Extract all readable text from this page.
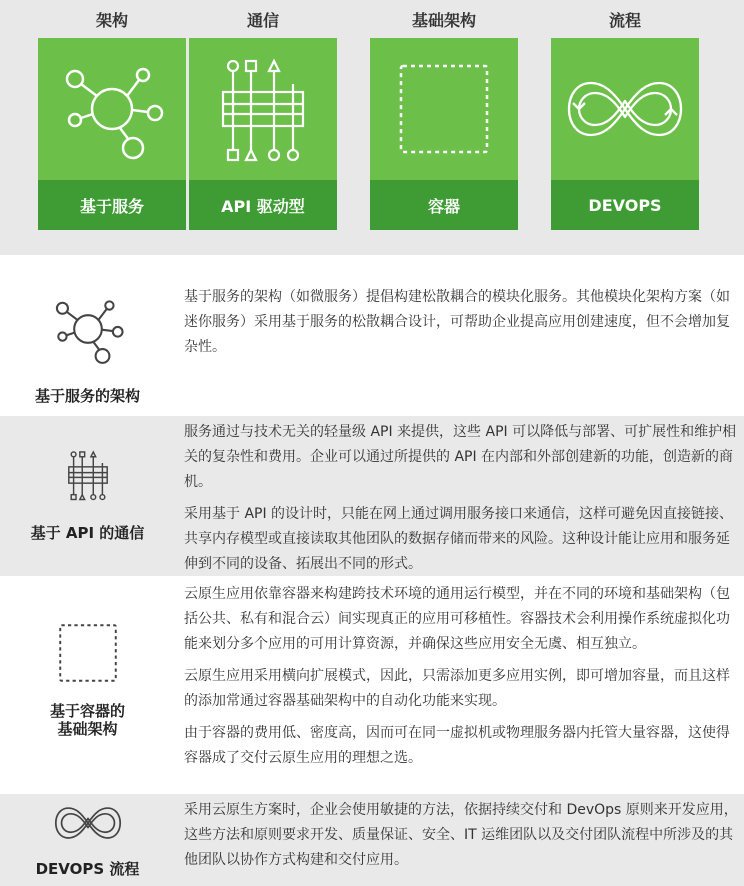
架构
基于服务
通信
API 驱动型
基础架构
容器
流程
DEVOPS
基于服务的架构

基于服务的架构（如微服务）提倡构建松散耦合的模块化服务。其他模块化架构方案（如迷你服务）采用基于服务的松散耦合设计，可帮助企业提高应用创建速度，但不会增加复杂性。

基于 API 的通信

服务通过与技术无关的轻量级 API 来提供，这些 API 可以降低与部署、可扩展性和维护相关的复杂性和费用。企业可以通过所提供的 API 在内部和外部创建新的功能，创造新的商机。

采用基于 API 的设计时，只能在网上通过调用服务接口来通信，这样可避免因直接链接、共享内存模型或直接读取其他团队的数据存储而带来的风险。这种设计能让应用和服务延伸到不同的设备、拓展出不同的形式。

基于容器的
基础架构

云原生应用依靠容器来构建跨技术环境的通用运行模型，并在不同的环境和基础架构（包括公共、私有和混合云）间实现真正的应用可移植性。容器技术会利用操作系统虚拟化功能来划分多个应用的可用计算资源，并确保这些应用安全无虞、相互独立。

云原生应用采用横向扩展模式，因此，只需添加更多应用实例，即可增加容量，而且这样的添加常通过容器基础架构中的自动化功能来实现。

由于容器的费用低、密度高，因而可在同一虚拟机或物理服务器内托管大量容器，这使得容器成了交付云原生应用的理想之选。

DEVOPS 流程

采用云原生方案时，企业会使用敏捷的方法，依据持续交付和 DevOps 原则来开发应用，这些方法和原则要求开发、质量保证、安全、IT 运维团队以及交付团队流程中所涉及的其他团队以协作方式构建和交付应用。
